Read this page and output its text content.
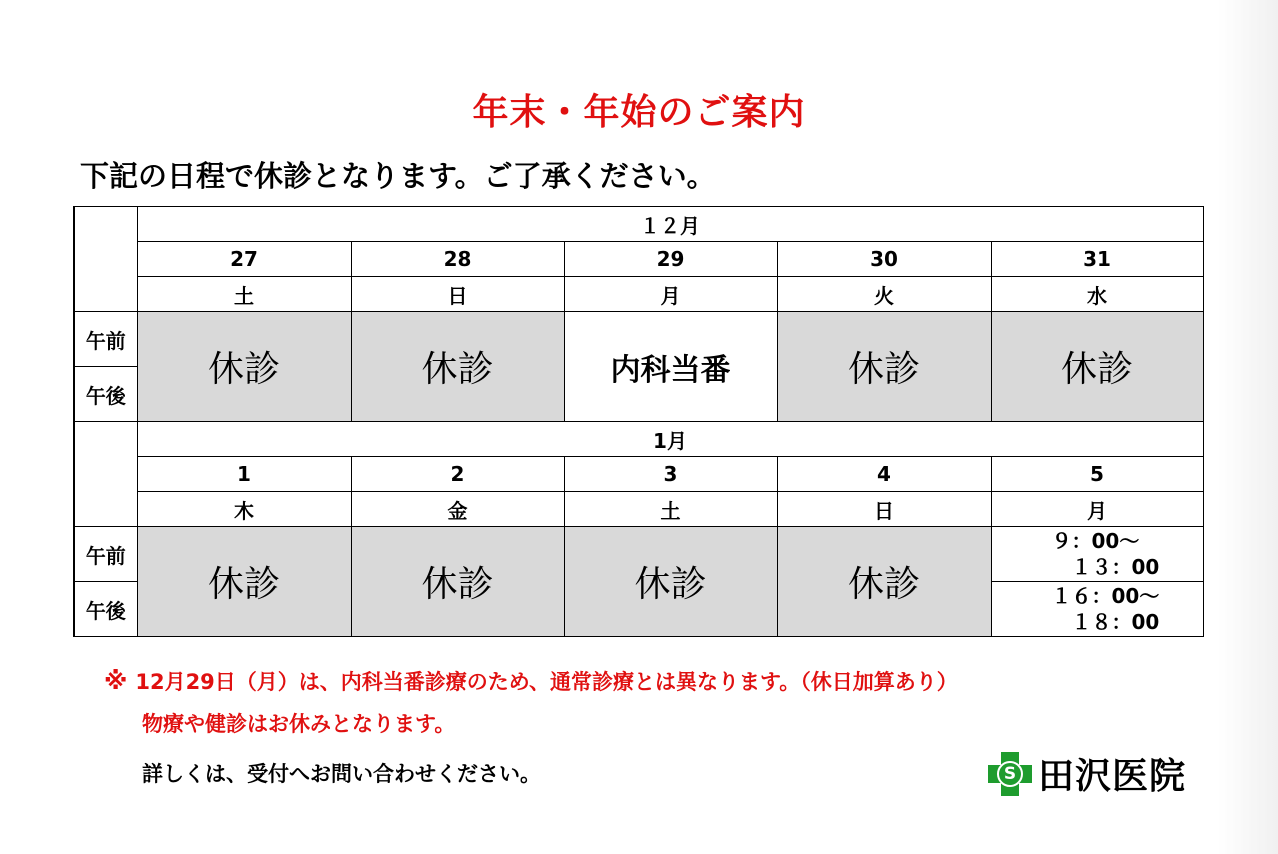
年末・年始のご案内
下記の日程で休診となります。ご了承ください。
	１２月				
	27	28	29	30	31
	土	日	月	火	水
午前	休診	休診	内科当番	休診	休診
午後					
	1月				
	1	2	3	4	5
	木	金	土	日	月
午前	休診	休診	休診	休診	９：00～
１３：00

午後					１６：00～
１８：00
※ 12月29日（月）は、内科当番診療のため、通常診療とは異なります。（休日加算あり）
物療や健診はお休みとなります。
詳しくは、受付へお問い合わせください。	S 田沢医院
